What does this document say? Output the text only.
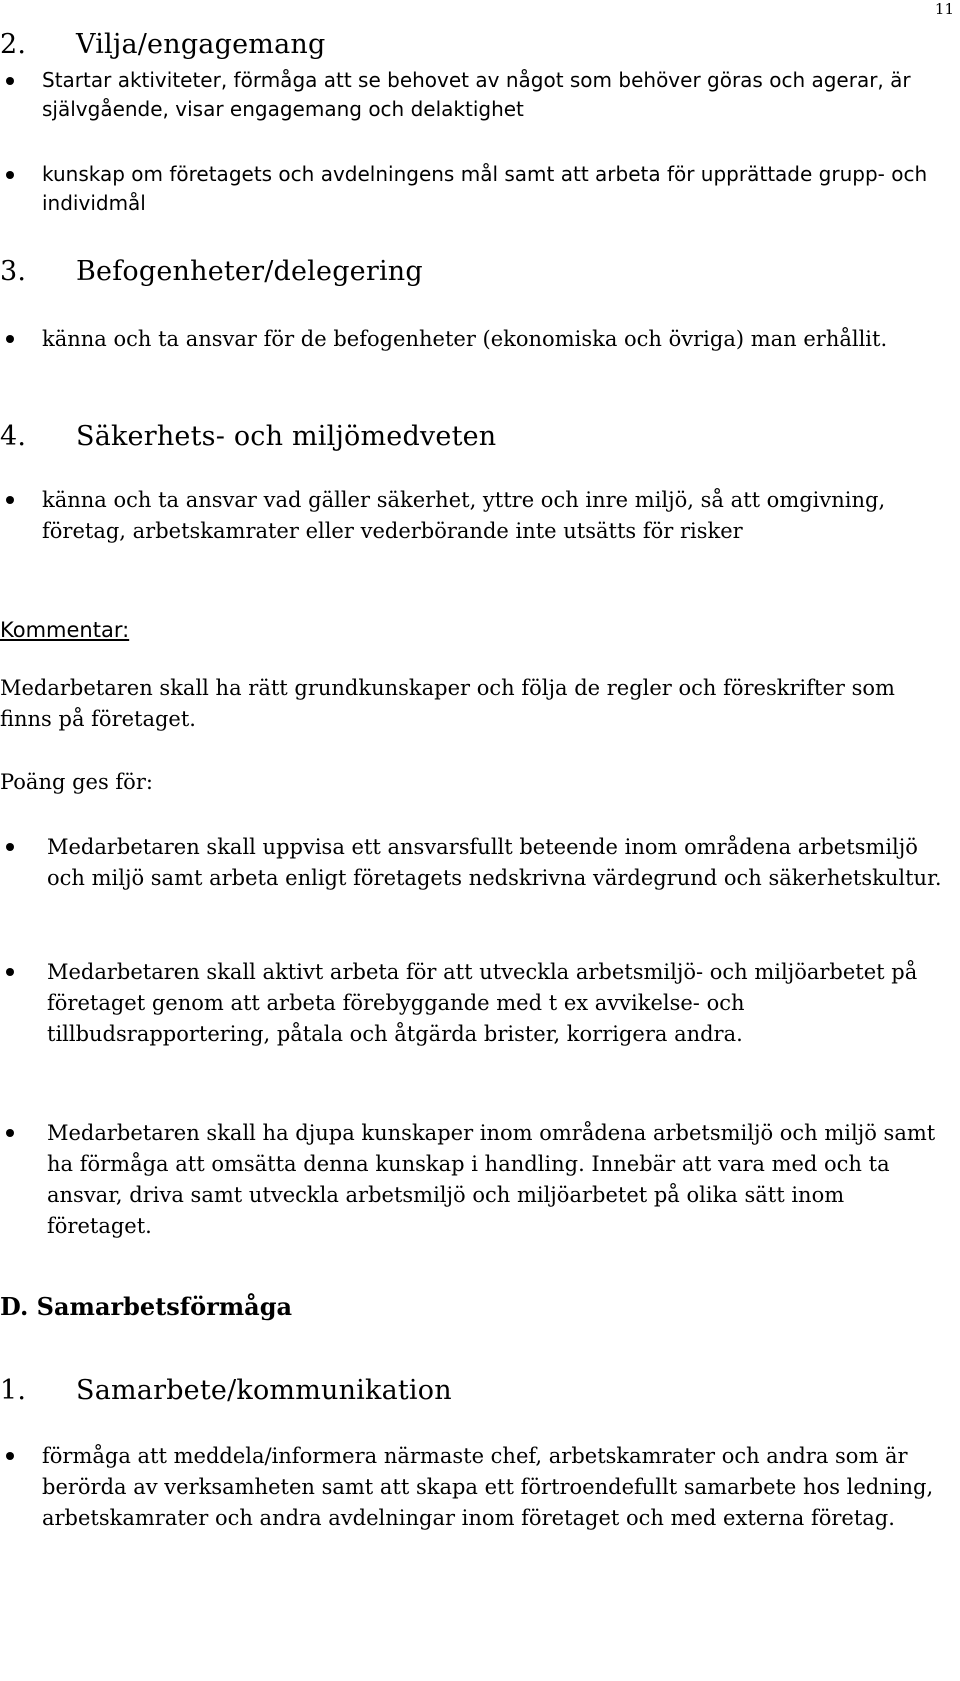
11
2. Vilja/engagemang
Startar aktiviteter, förmåga att se behovet av något som behöver göras och agerar, är självgående, visar engagemang och delaktighet
kunskap om företagets och avdelningens mål samt att arbeta för upprättade grupp- och individmål
3. Befogenheter/delegering
känna och ta ansvar för de befogenheter (ekonomiska och övriga) man erhållit.
4. Säkerhets- och miljömedveten
känna och ta ansvar vad gäller säkerhet, yttre och inre miljö, så att omgivning, företag, arbetskamrater eller vederbörande inte utsätts för risker
Kommentar:
Medarbetaren skall ha rätt grundkunskaper och följa de regler och föreskrifter som finns på företaget.
Poäng ges för:
Medarbetaren skall uppvisa ett ansvarsfullt beteende inom områdena arbetsmiljö och miljö samt arbeta enligt företagets nedskrivna värdegrund och säkerhetskultur.
Medarbetaren skall aktivt arbeta för att utveckla arbetsmiljö- och miljöarbetet på företaget genom att arbeta förebyggande med t ex avvikelse- och tillbudsrapportering, påtala och åtgärda brister, korrigera andra.
Medarbetaren skall ha djupa kunskaper inom områdena arbetsmiljö och miljö samt ha förmåga att omsätta denna kunskap i handling. Innebär att vara med och ta ansvar, driva samt utveckla arbetsmiljö och miljöarbetet på olika sätt inom företaget.
D. Samarbetsförmåga
1. Samarbete/kommunikation
förmåga att meddela/informera närmaste chef, arbetskamrater och andra som är berörda av verksamheten samt att skapa ett förtroendefullt samarbete hos ledning, arbetskamrater och andra avdelningar inom företaget och med externa företag.
